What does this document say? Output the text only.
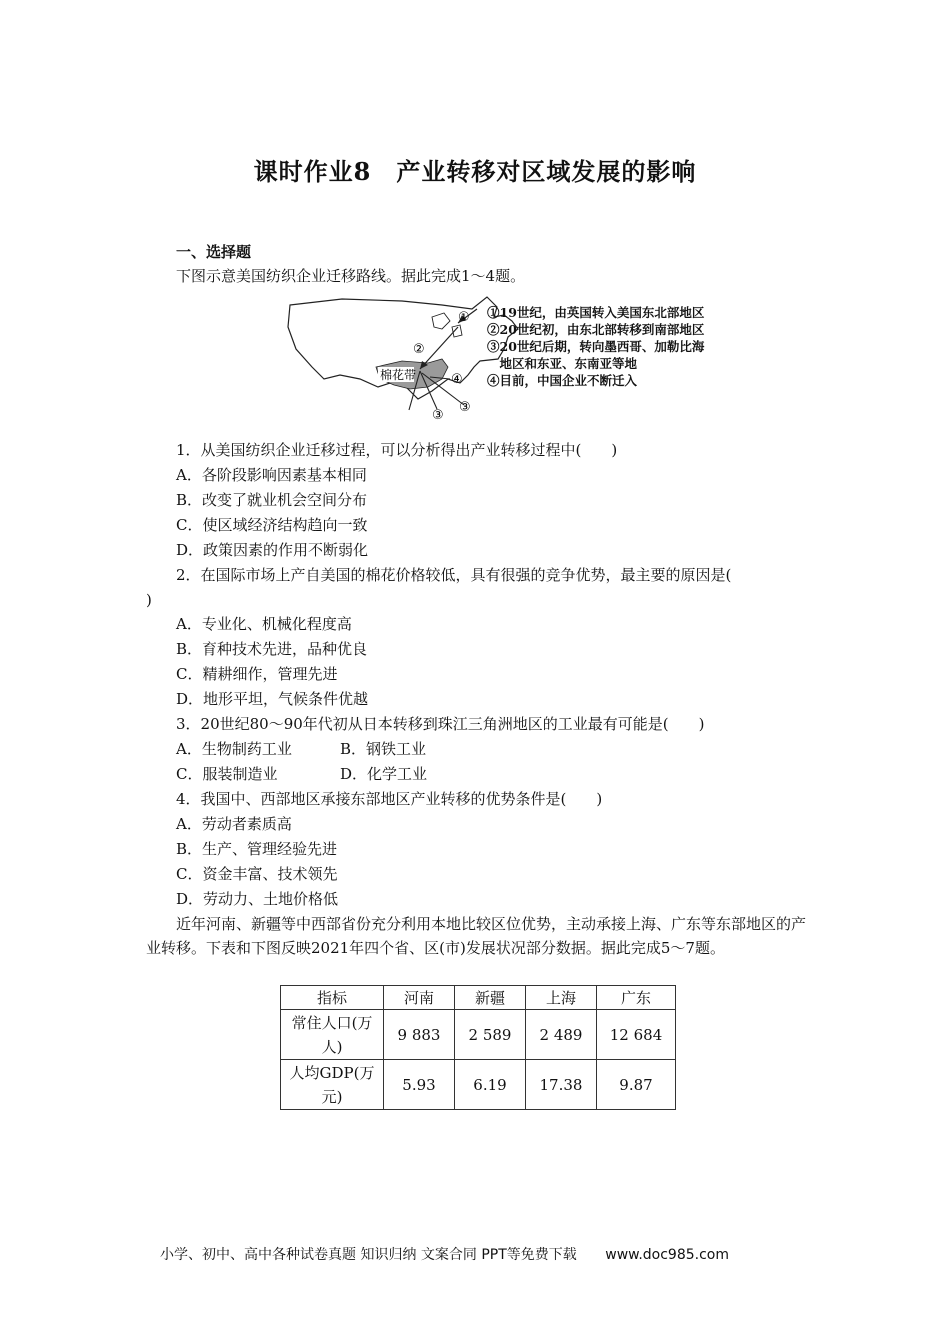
课时作业8　产业转移对区域发展的影响
一、选择题
下图示意美国纺织企业迁移路线。据此完成1～4题。
棉花带
①
②
④
③
③
①19世纪，由英国转入美国东北部地区
②20世纪初，由东北部转移到南部地区
③20世纪后期，转向墨西哥、加勒比海
　地区和东亚、东南亚等地
④目前，中国企业不断迁入
1．从美国纺织企业迁移过程，可以分析得出产业转移过程中(　　)
A．各阶段影响因素基本相同
B．改变了就业机会空间分布
C．使区域经济结构趋向一致
D．政策因素的作用不断弱化
2．在国际市场上产自美国的棉花价格较低，具有很强的竞争优势，最主要的原因是(
)
A．专业化、机械化程度高
B．育种技术先进，品种优良
C．精耕细作，管理先进
D．地形平坦，气候条件优越
3．20世纪80～90年代初从日本转移到珠江三角洲地区的工业最有可能是(　　)
A．生物制药工业	B．钢铁工业
C．服装制造业	D．化学工业
4．我国中、西部地区承接东部地区产业转移的优势条件是(　　)
A．劳动者素质高
B．生产、管理经验先进
C．资金丰富、技术领先
D．劳动力、土地价格低
近年河南、新疆等中西部省份充分利用本地比较区位优势，主动承接上海、广东等东部地区的产业转移。下表和下图反映2021年四个省、区(市)发展状况部分数据。据此完成5～7题。
指标	河南	新疆	上海	广东
常住人口(万人)	9 883	2 589	2 489	12 684
人均GDP(万元)	5.93	6.19	17.38	9.87
小学、初中、高中各种试卷真题 知识归纳 文案合同 PPT等免费下载 www.doc985.com
